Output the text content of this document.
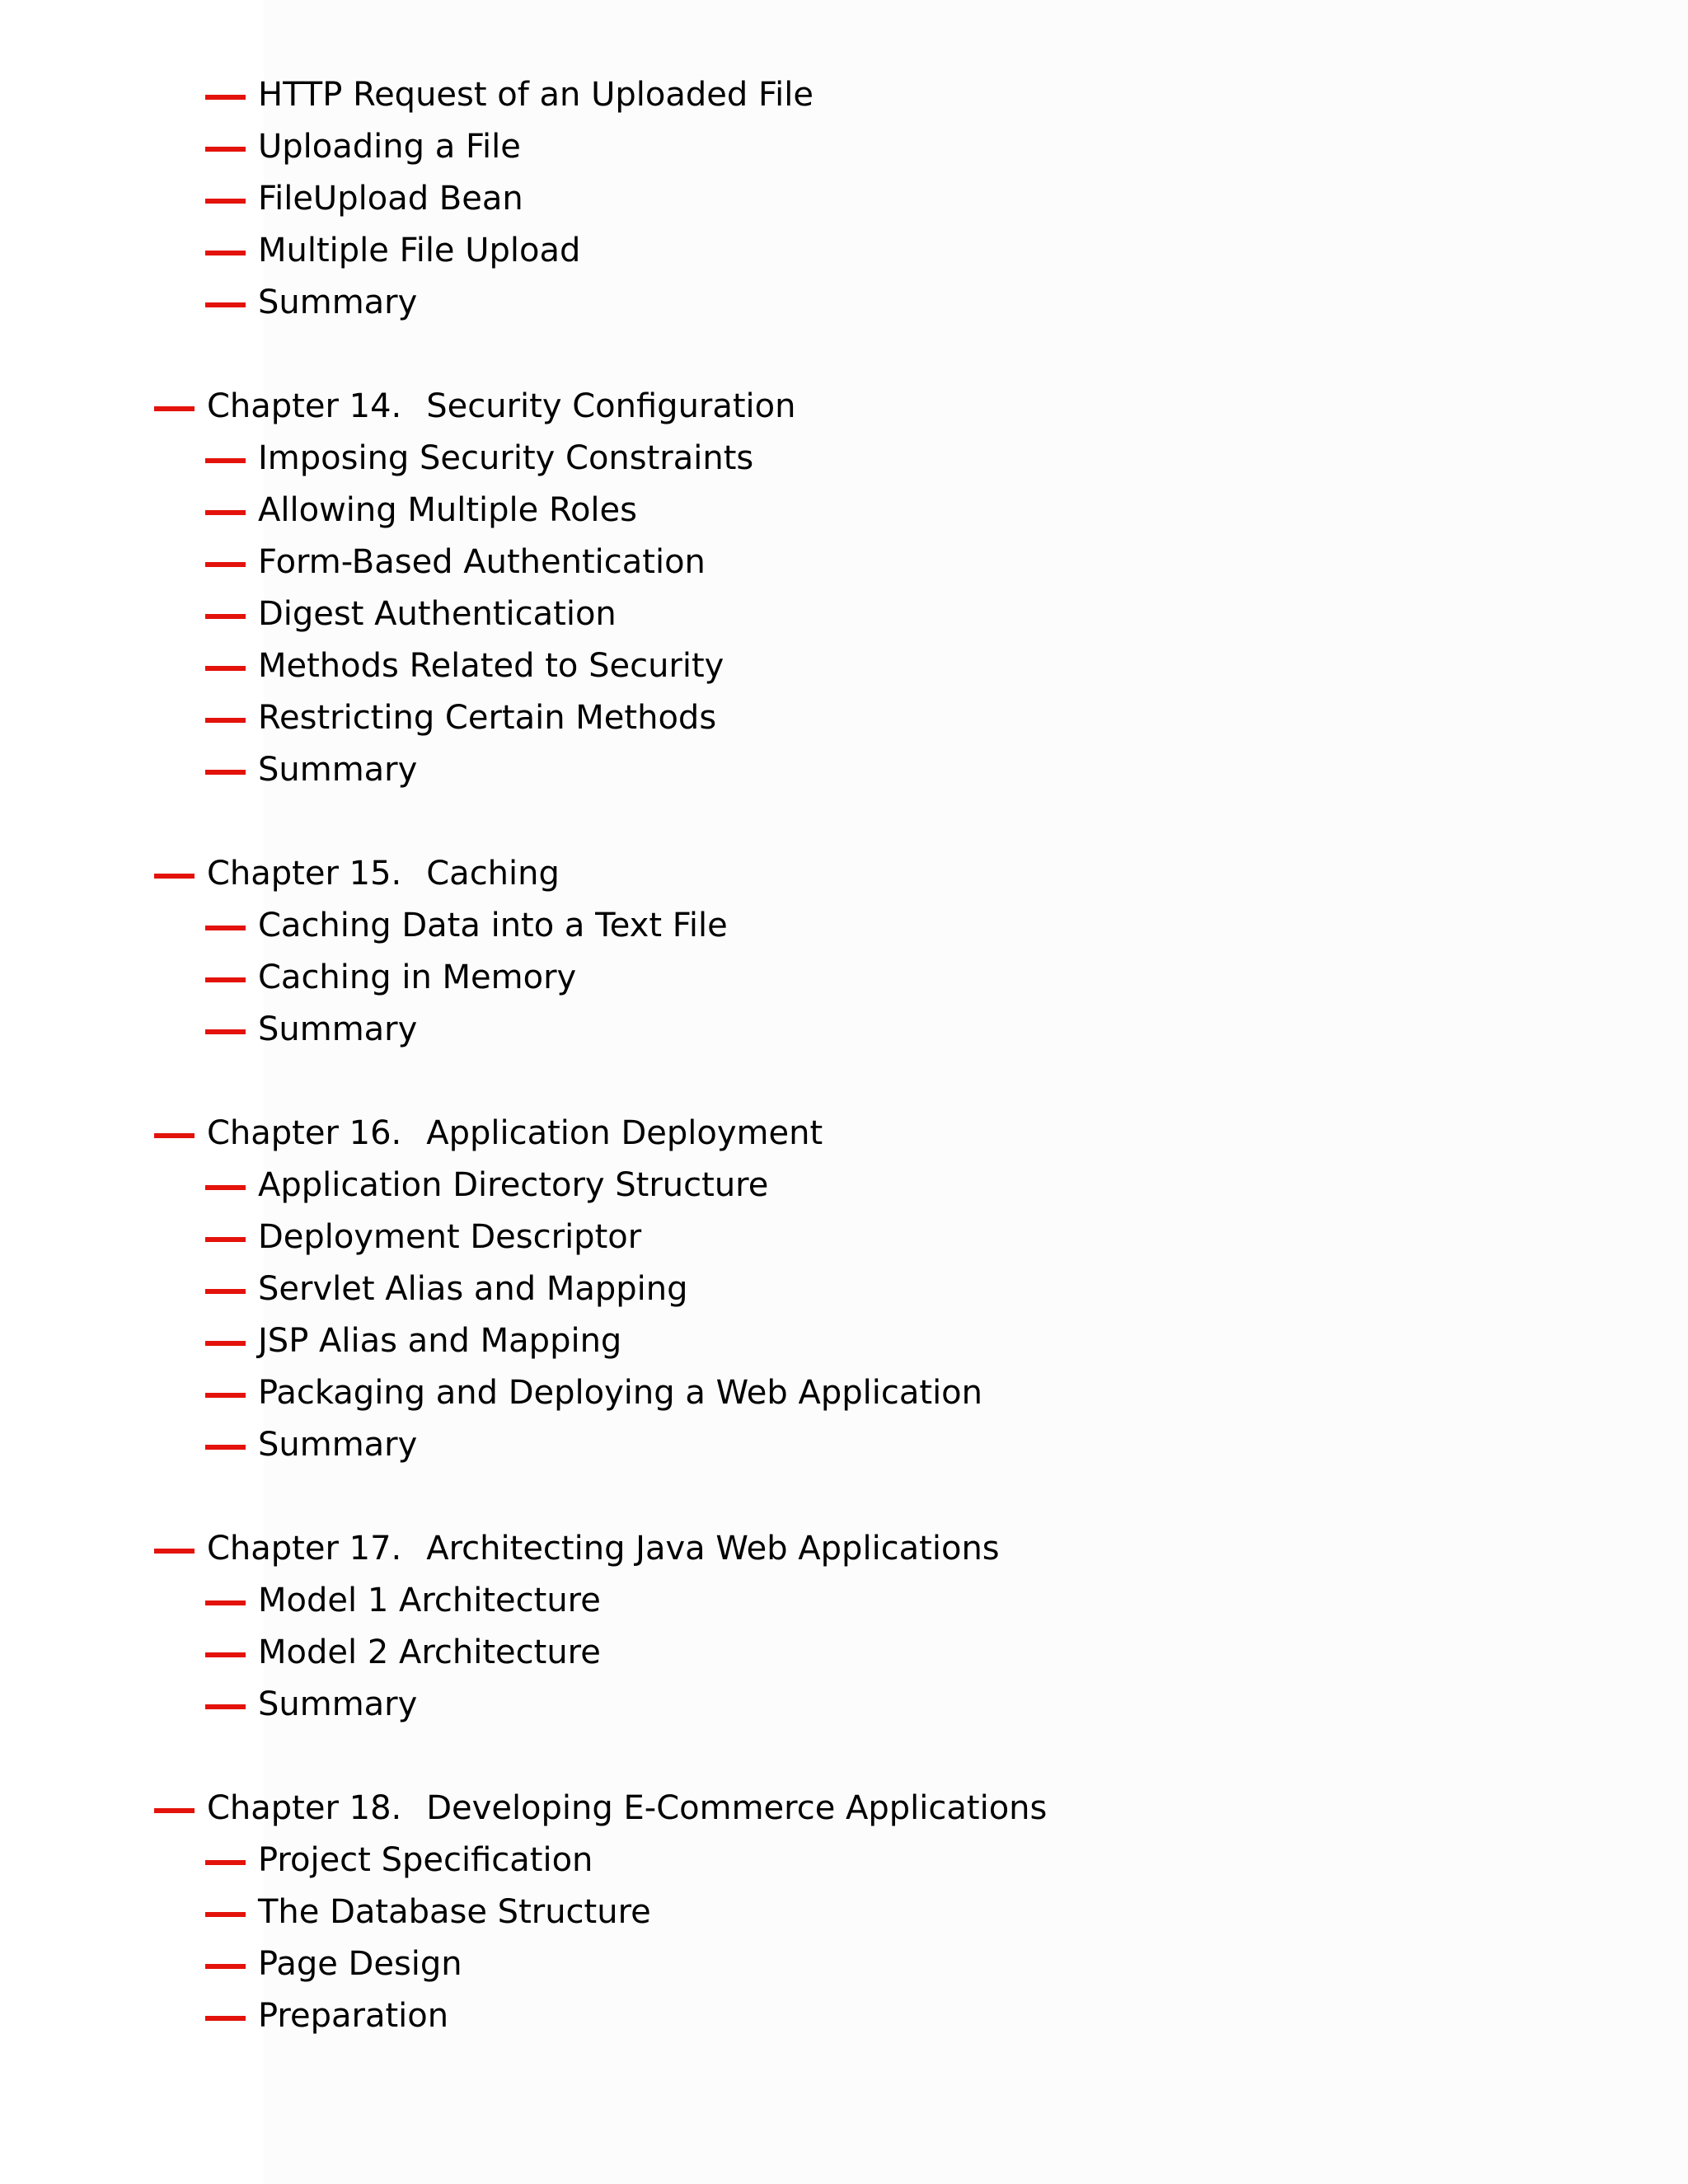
HTTP Request of an Uploaded File
Uploading a File
FileUpload Bean
Multiple File Upload
Summary
Chapter 14. Security Configuration
Imposing Security Constraints
Allowing Multiple Roles
Form-Based Authentication
Digest Authentication
Methods Related to Security
Restricting Certain Methods
Summary
Chapter 15. Caching
Caching Data into a Text File
Caching in Memory
Summary
Chapter 16. Application Deployment
Application Directory Structure
Deployment Descriptor
Servlet Alias and Mapping
JSP Alias and Mapping
Packaging and Deploying a Web Application
Summary
Chapter 17. Architecting Java Web Applications
Model 1 Architecture
Model 2 Architecture
Summary
Chapter 18. Developing E-Commerce Applications
Project Specification
The Database Structure
Page Design
Preparation
